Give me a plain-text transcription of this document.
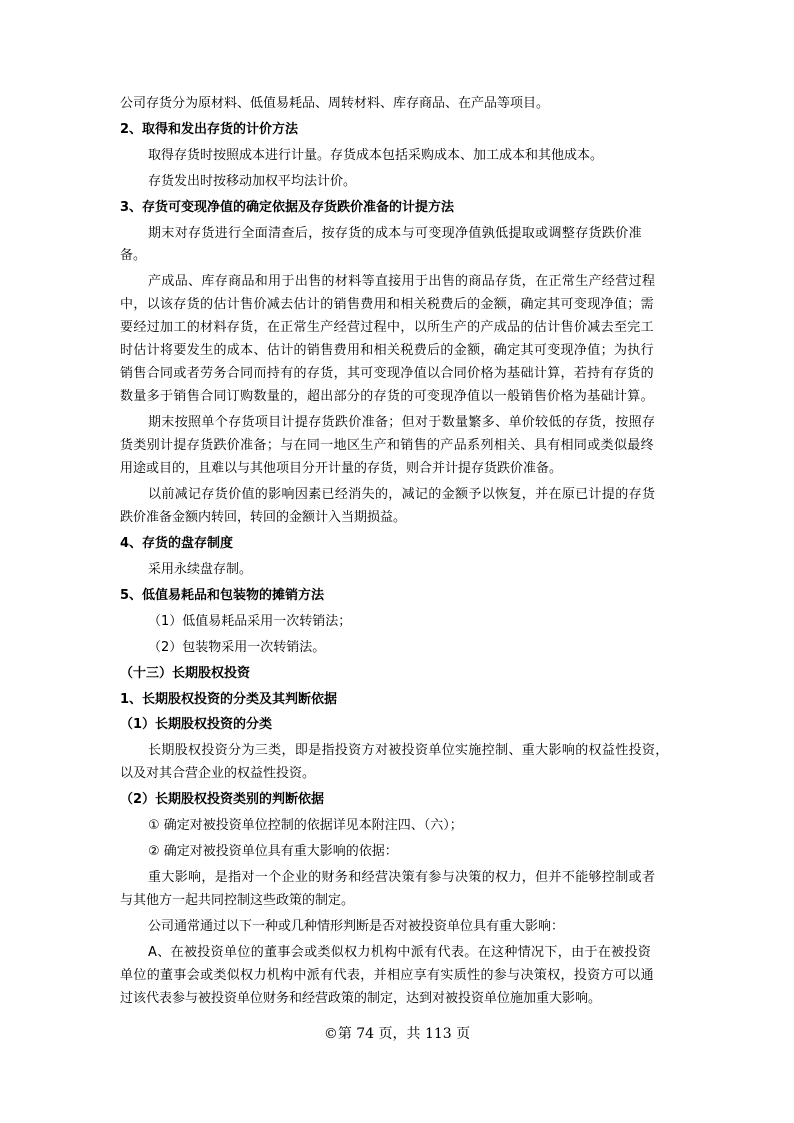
公司存货分为原材料、低值易耗品、周转材料、库存商品、在产品等项目。
2、取得和发出存货的计价方法
取得存货时按照成本进行计量。存货成本包括采购成本、加工成本和其他成本。
存货发出时按移动加权平均法计价。
3、存货可变现净值的确定依据及存货跌价准备的计提方法
期末对存货进行全面清查后，按存货的成本与可变现净值孰低提取或调整存货跌价准
备。
产成品、库存商品和用于出售的材料等直接用于出售的商品存货，在正常生产经营过程
中，以该存货的估计售价减去估计的销售费用和相关税费后的金额，确定其可变现净值；需
要经过加工的材料存货，在正常生产经营过程中，以所生产的产成品的估计售价减去至完工
时估计将要发生的成本、估计的销售费用和相关税费后的金额，确定其可变现净值；为执行
销售合同或者劳务合同而持有的存货，其可变现净值以合同价格为基础计算，若持有存货的
数量多于销售合同订购数量的，超出部分的存货的可变现净值以一般销售价格为基础计算。
期末按照单个存货项目计提存货跌价准备；但对于数量繁多、单价较低的存货，按照存
货类别计提存货跌价准备；与在同一地区生产和销售的产品系列相关、具有相同或类似最终
用途或目的，且难以与其他项目分开计量的存货，则合并计提存货跌价准备。
以前减记存货价值的影响因素已经消失的，减记的金额予以恢复，并在原已计提的存货
跌价准备金额内转回，转回的金额计入当期损益。
4、存货的盘存制度
采用永续盘存制。
5、低值易耗品和包装物的摊销方法
（1）低值易耗品采用一次转销法；
（2）包装物采用一次转销法。
（十三）长期股权投资
1、长期股权投资的分类及其判断依据
（1）长期股权投资的分类
长期股权投资分为三类，即是指投资方对被投资单位实施控制、重大影响的权益性投资，
以及对其合营企业的权益性投资。
（2）长期股权投资类别的判断依据
① 确定对被投资单位控制的依据详见本附注四、（六）；
② 确定对被投资单位具有重大影响的依据：
重大影响，是指对一个企业的财务和经营决策有参与决策的权力，但并不能够控制或者
与其他方一起共同控制这些政策的制定。
公司通常通过以下一种或几种情形判断是否对被投资单位具有重大影响：
A、在被投资单位的董事会或类似权力机构中派有代表。在这种情况下，由于在被投资
单位的董事会或类似权力机构中派有代表，并相应享有实质性的参与决策权，投资方可以通
过该代表参与被投资单位财务和经营政策的制定，达到对被投资单位施加重大影响。
©第 74 页，共 113 页
